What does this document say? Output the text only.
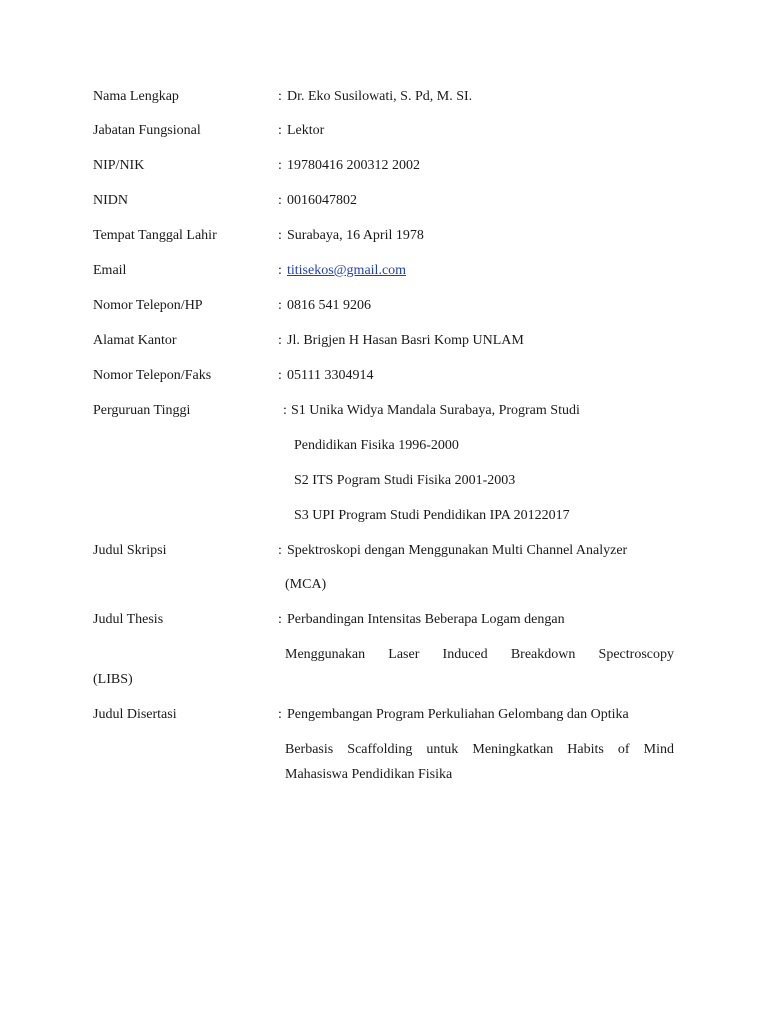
Nama Lengkap	: Dr. Eko Susilowati, S. Pd, M. SI.
Jabatan Fungsional	: Lektor
NIP/NIK	: 19780416 200312 2002
NIDN	: 0016047802
Tempat Tanggal Lahir	: Surabaya, 16 April 1978
Email	: titisekos@gmail.com
Nomor Telepon/HP	: 0816 541 9206
Alamat Kantor	: Jl. Brigjen H Hasan Basri Komp UNLAM
Nomor Telepon/Faks	: 05111 3304914
Perguruan Tinggi	: S1 Unika Widya Mandala Surabaya, Program Studi
Pendidikan Fisika 1996-2000
S2 ITS Pogram Studi Fisika 2001-2003
S3 UPI Program Studi Pendidikan IPA 20122017
Judul Skripsi	: Spektroskopi dengan Menggunakan Multi Channel Analyzer
(MCA)
Judul Thesis	: Perbandingan Intensitas Beberapa Logam dengan
Menggunakan Laser Induced Breakdown Spectroscopy
(LIBS)
Judul Disertasi	: Pengembangan Program Perkuliahan Gelombang dan Optika
Berbasis Scaffolding untuk Meningkatkan Habits of Mind
Mahasiswa Pendidikan Fisika
